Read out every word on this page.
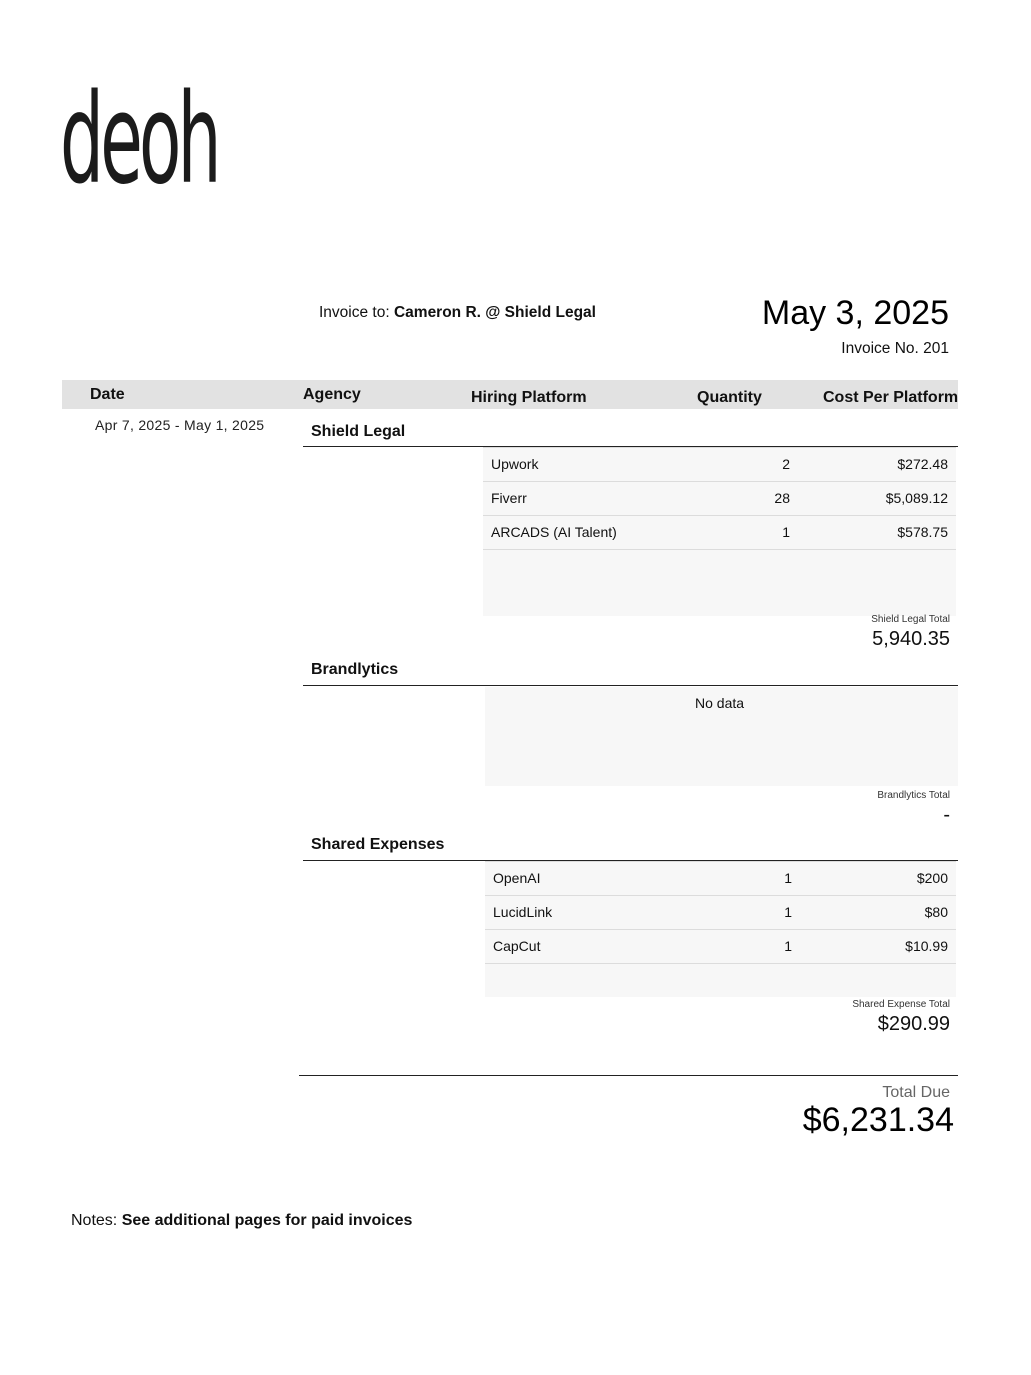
deoh
Invoice to: Cameron R. @ Shield Legal	May 3, 2025
Invoice No. 201
Date	Agency	Hiring Platform	Quantity	Cost Per Platform
Apr 7, 2025 - May 1, 2025	Shield Legal
Upwork	2	$272.48
Fiverr	28	$5,089.12
ARCADS (AI Talent)	1	$578.75
Shield Legal Total
5,940.35
Brandlytics
No data
Brandlytics Total
-
Shared Expenses
OpenAI	1	$200
LucidLink	1	$80
CapCut	1	$10.99
Shared Expense Total
$290.99
Total Due
$6,231.34
Notes: See additional pages for paid invoices
